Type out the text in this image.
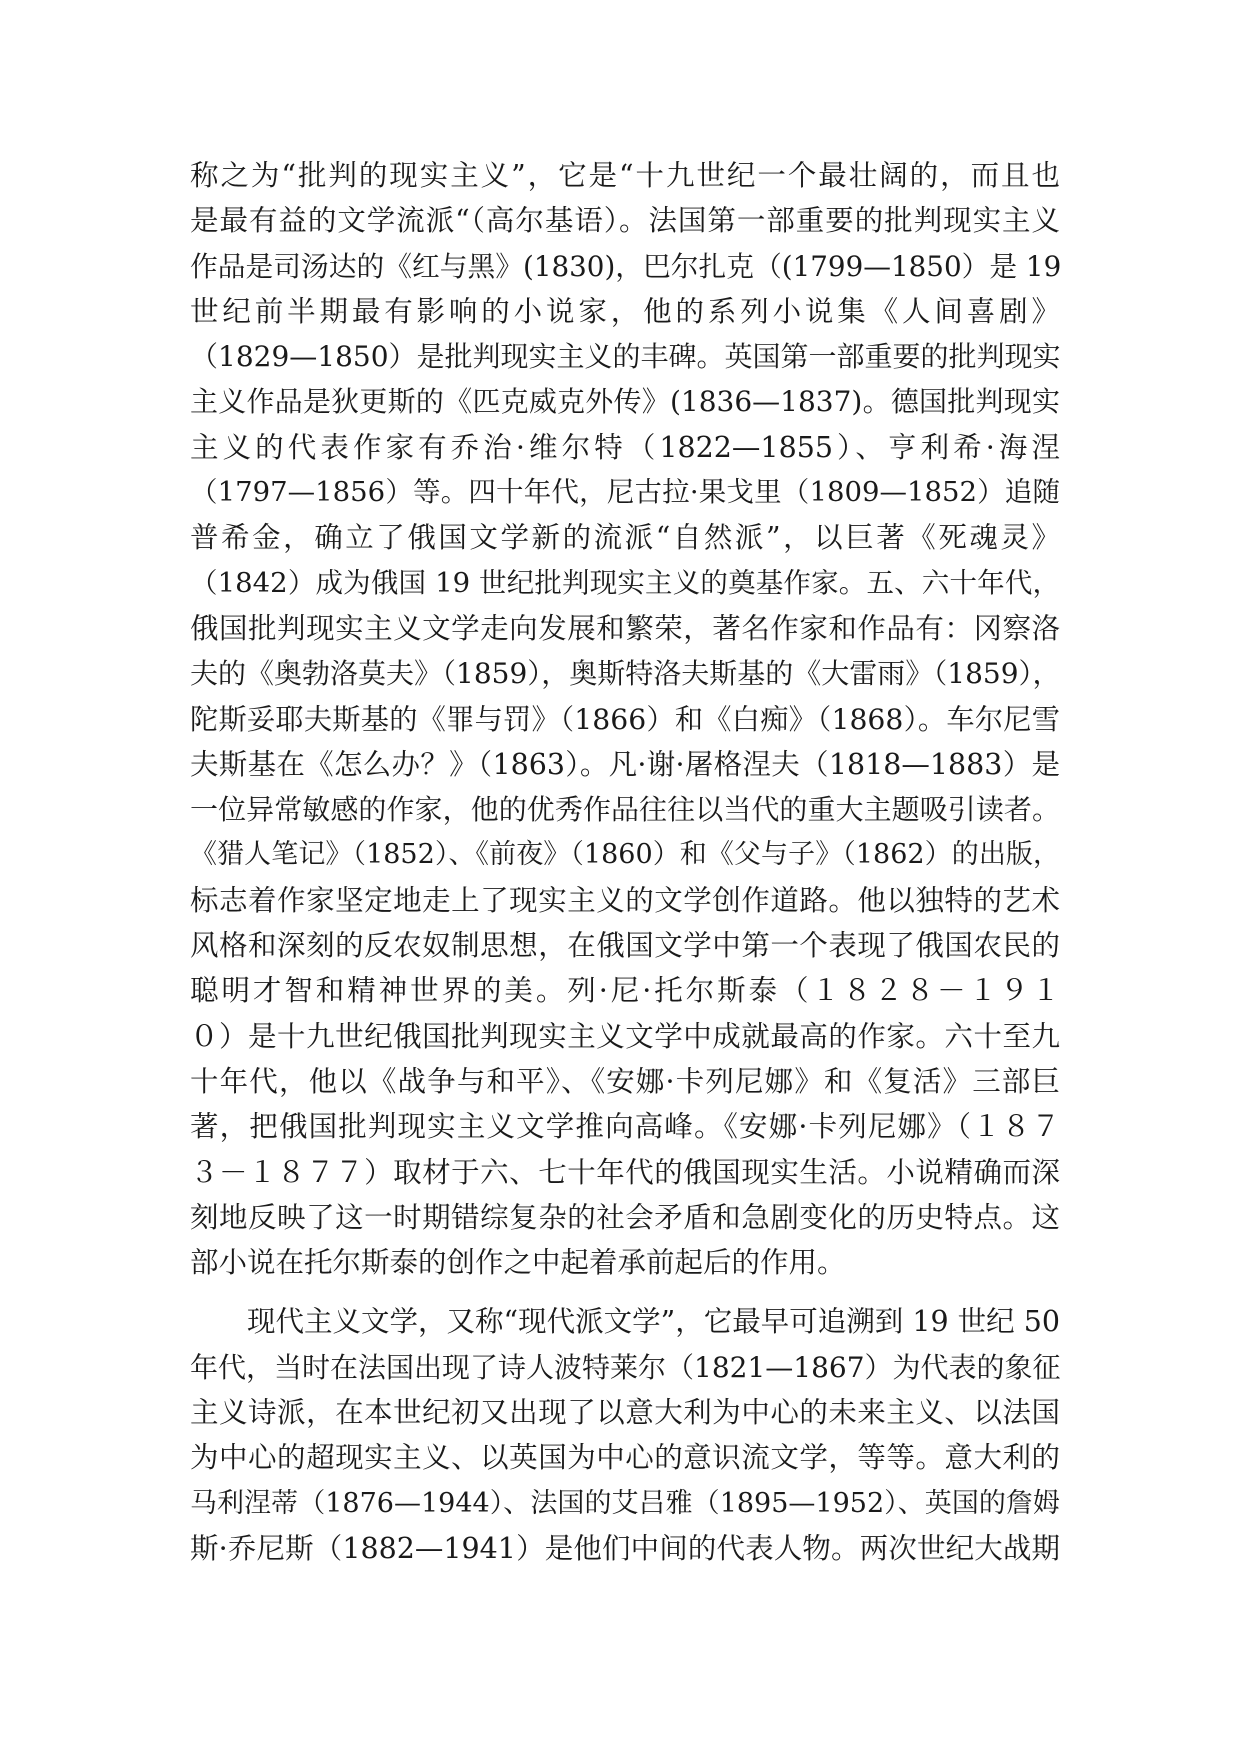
称之为“批判的现实主义”，它是“十九世纪一个最壮阔的，而且也
是最有益的文学流派“（高尔基语）。法国第一部重要的批判现实主义
作品是司汤达的《红与黑》(1830)，巴尔扎克（(1799—1850）是 19
世纪前半期最有影响的小说家，他的系列小说集《人间喜剧》
（1829—1850）是批判现实主义的丰碑。英国第一部重要的批判现实
主义作品是狄更斯的《匹克威克外传》(1836—1837)。德国批判现实
主义的代表作家有乔治·维尔特（1822—1855）、亨利希·海涅
（1797—1856）等。四十年代，尼古拉·果戈里（1809—1852）追随
普希金，确立了俄国文学新的流派“自然派”，以巨著《死魂灵》
（1842）成为俄国 19 世纪批判现实主义的奠基作家。五、六十年代，
俄国批判现实主义文学走向发展和繁荣，著名作家和作品有：冈察洛
夫的《奥勃洛莫夫》（1859），奥斯特洛夫斯基的《大雷雨》（1859），
陀斯妥耶夫斯基的《罪与罚》（1866）和《白痴》（1868）。车尔尼雪
夫斯基在《怎么办？》（1863）。凡·谢·屠格涅夫（1818—1883）是
一位异常敏感的作家，他的优秀作品往往以当代的重大主题吸引读者。
《猎人笔记》（1852）、《前夜》（1860）和《父与子》（1862）的出版，
标志着作家坚定地走上了现实主义的文学创作道路。他以独特的艺术
风格和深刻的反农奴制思想，在俄国文学中第一个表现了俄国农民的
聪明才智和精神世界的美。列·尼·托尔斯泰（１８２８－１９１
０）是十九世纪俄国批判现实主义文学中成就最高的作家。六十至九
十年代，他以《战争与和平》、《安娜·卡列尼娜》和《复活》三部巨
著，把俄国批判现实主义文学推向高峰。《安娜·卡列尼娜》（１８７
３－１８７７）取材于六、七十年代的俄国现实生活。小说精确而深
刻地反映了这一时期错综复杂的社会矛盾和急剧变化的历史特点。这
部小说在托尔斯泰的创作之中起着承前起后的作用。
现代主义文学，又称“现代派文学”，它最早可追溯到 19 世纪 50
年代，当时在法国出现了诗人波特莱尔（1821—1867）为代表的象征
主义诗派，在本世纪初又出现了以意大利为中心的未来主义、以法国
为中心的超现实主义、以英国为中心的意识流文学，等等。意大利的
马利涅蒂（1876—1944）、法国的艾吕雅（1895—1952）、英国的詹姆
斯·乔尼斯（1882—1941）是他们中间的代表人物。两次世纪大战期
